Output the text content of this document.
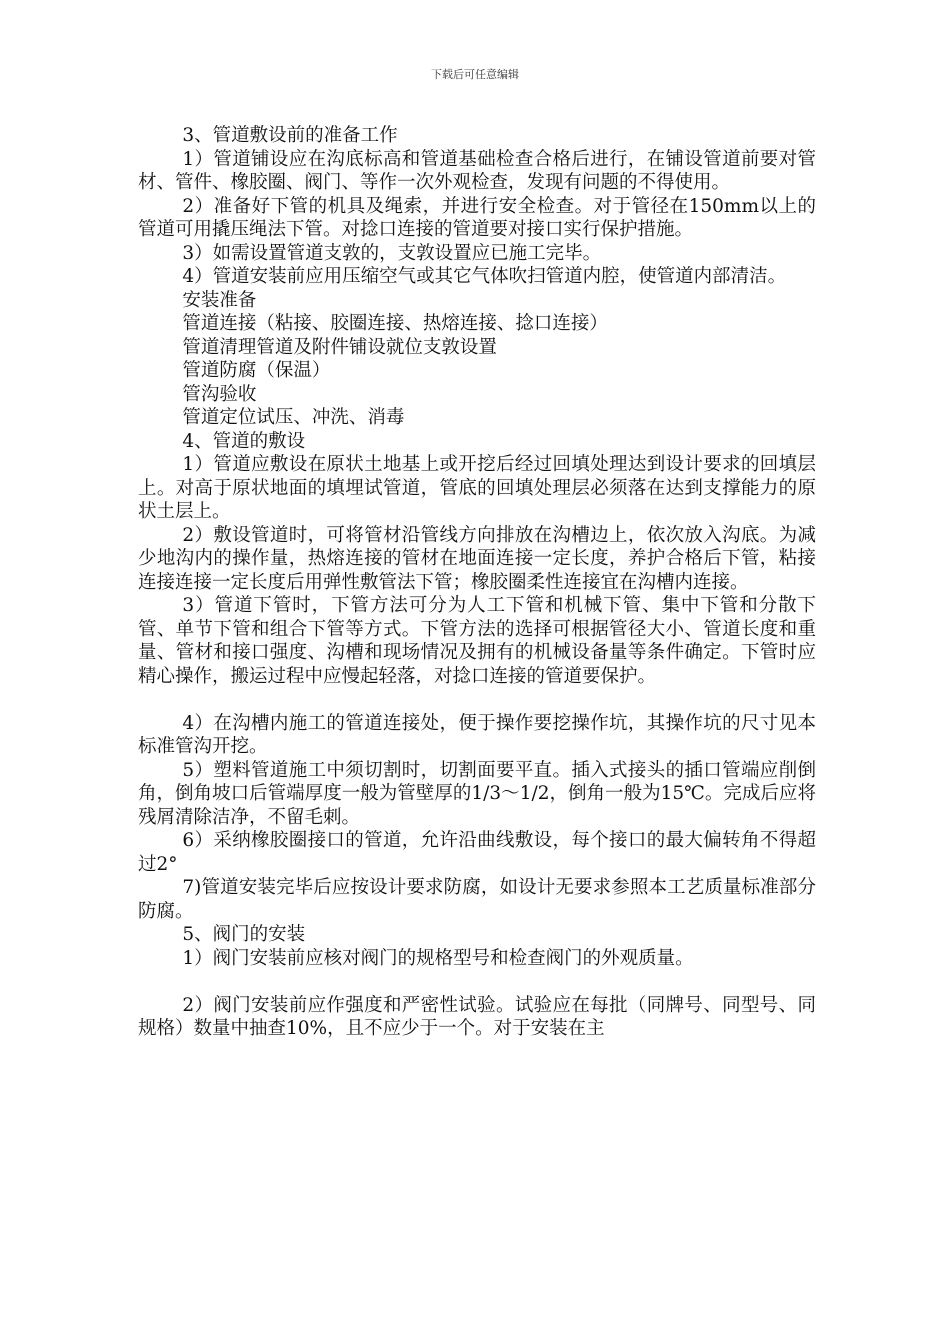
下载后可任意编辑

3、管道敷设前的准备工作

1）管道铺设应在沟底标高和管道基础检查合格后进行，在铺设管道前要对管材、管件、橡胶圈、阀门、等作一次外观检查，发现有问题的不得使用。

2）准备好下管的机具及绳索，并进行安全检查。对于管径在150mm以上的管道可用撬压绳法下管。对捻口连接的管道要对接口实行保护措施。

3）如需设置管道支敦的，支敦设置应已施工完毕。

4）管道安装前应用压缩空气或其它气体吹扫管道内腔，使管道内部清洁。

安装准备

管道连接（粘接、胶圈连接、热熔连接、捻口连接）

管道清理管道及附件铺设就位支敦设置

管道防腐（保温）

管沟验收

管道定位试压、冲洗、消毒

4、管道的敷设

1）管道应敷设在原状土地基上或开挖后经过回填处理达到设计要求的回填层上。对高于原状地面的填埋试管道，管底的回填处理层必须落在达到支撑能力的原状土层上。

2）敷设管道时，可将管材沿管线方向排放在沟槽边上，依次放入沟底。为减少地沟内的操作量，热熔连接的管材在地面连接一定长度，养护合格后下管，粘接连接连接一定长度后用弹性敷管法下管；橡胶圈柔性连接宜在沟槽内连接。

3）管道下管时，下管方法可分为人工下管和机械下管、集中下管和分散下管、单节下管和组合下管等方式。下管方法的选择可根据管径大小、管道长度和重量、管材和接口强度、沟槽和现场情况及拥有的机械设备量等条件确定。下管时应精心操作，搬运过程中应慢起轻落，对捻口连接的管道要保护。

4）在沟槽内施工的管道连接处，便于操作要挖操作坑，其操作坑的尺寸见本标准管沟开挖。

5）塑料管道施工中须切割时，切割面要平直。插入式接头的插口管端应削倒角，倒角坡口后管端厚度一般为管壁厚的1/3～1/2，倒角一般为15℃。完成后应将残屑清除洁净，不留毛刺。

6）采纳橡胶圈接口的管道，允许沿曲线敷设，每个接口的最大偏转角不得超过2°

7)管道安装完毕后应按设计要求防腐，如设计无要求参照本工艺质量标准部分防腐。

5、阀门的安装

1）阀门安装前应核对阀门的规格型号和检查阀门的外观质量。

2）阀门安装前应作强度和严密性试验。试验应在每批（同牌号、同型号、同规格）数量中抽查10%，且不应少于一个。对于安装在主
